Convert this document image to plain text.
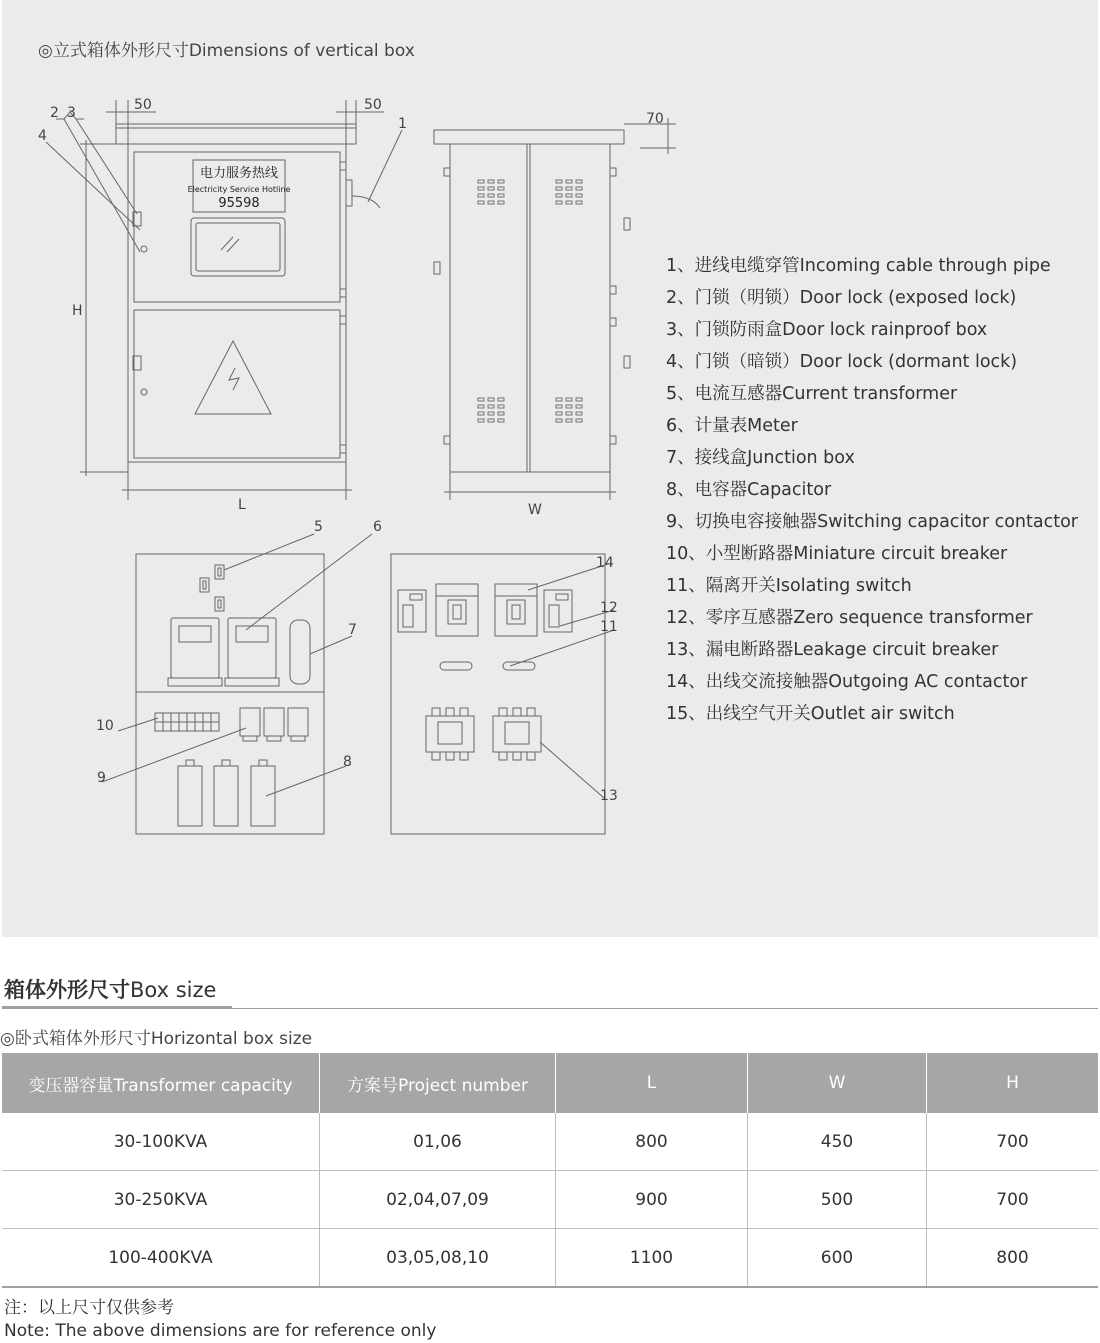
◎立式箱体外形尺寸Dimensions of vertical box
50	50
70
H
L	W
1
2 3
4
5	6
7
8
9
10
11
12
13
14
电力服务热线
Electricity Service Hotline
95598
1、进线电缆穿管Incoming cable through pipe
2、门锁（明锁）Door lock (exposed lock)
3、门锁防雨盒Door lock rainproof box
4、门锁（暗锁）Door lock (dormant lock)
5、电流互感器Current transformer
6、计量表Meter
7、接线盒Junction box
8、电容器Capacitor
9、切换电容接触器Switching capacitor contactor
10、小型断路器Miniature circuit breaker
11、隔离开关Isolating switch
12、零序互感器Zero sequence transformer
13、漏电断路器Leakage circuit breaker
14、出线交流接触器Outgoing AC contactor
15、出线空气开关Outlet air switch
箱体外形尺寸Box size
◎卧式箱体外形尺寸Horizontal box size
变压器容量Transformer capacity	方案号Project number	L	W	H
30-100KVA	01,06	800	450	700
30-250KVA	02,04,07,09	900	500	700
100-400KVA	03,05,08,10	1100	600	800
注：以上尺寸仅供参考
Note: The above dimensions are for reference only
